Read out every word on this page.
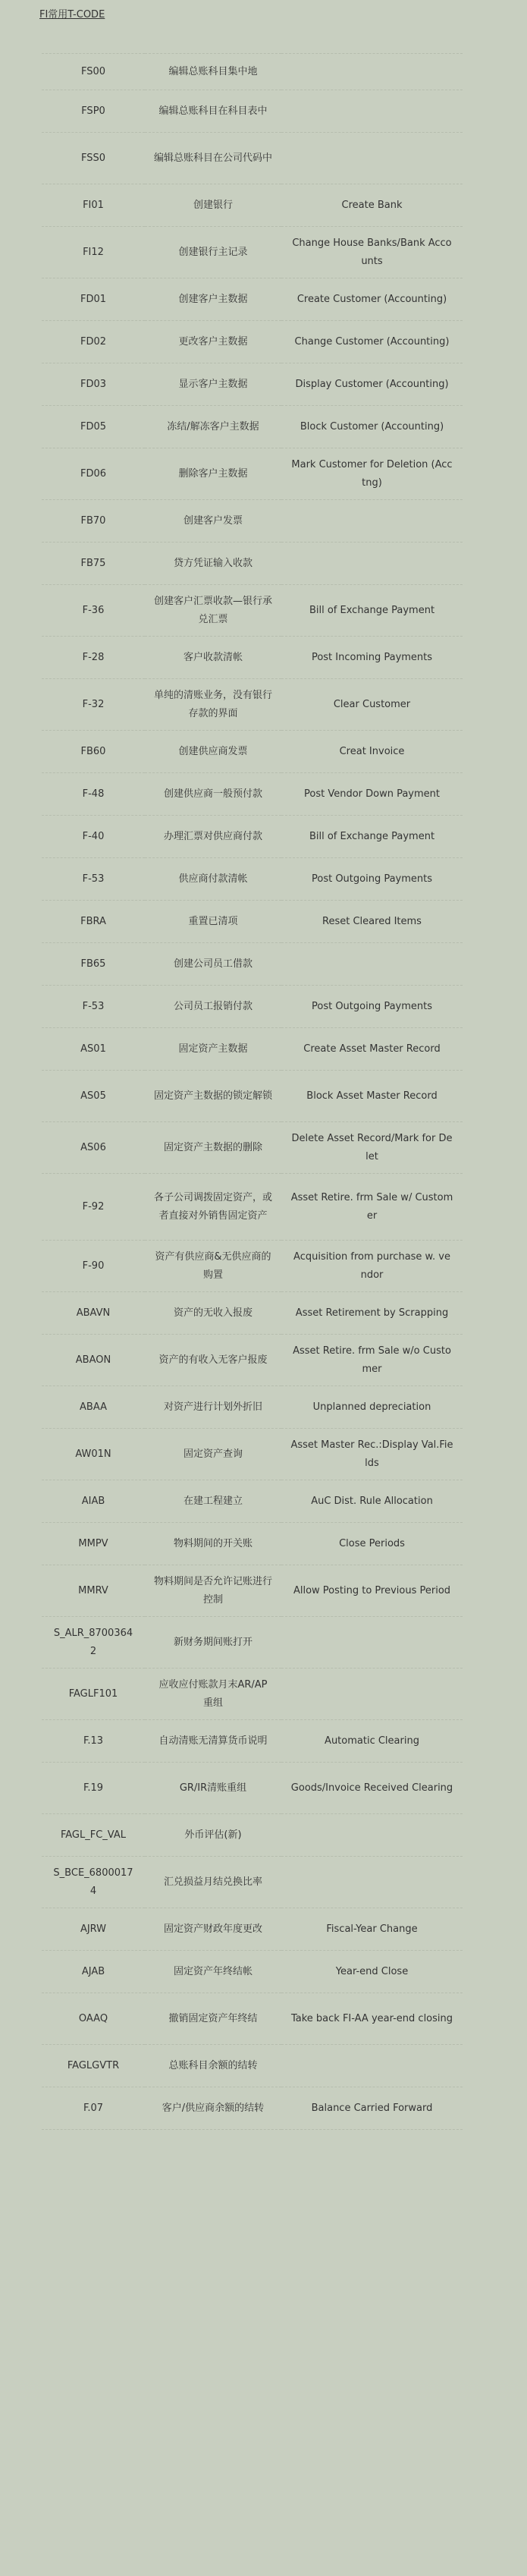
FI常用T-CODE
FS00	编辑总账科目集中地	
FSP0	编辑总账科目在科目表中	
FSS0	编辑总账科目在公司代码中	
FI01	创建银行	Create Bank
FI12	创建银行主记录	Change House Banks/Bank Accounts
FD01	创建客户主数据	Create Customer (Accounting)
FD02	更改客户主数据	Change Customer (Accounting)
FD03	显示客户主数据	Display Customer (Accounting)
FD05	冻结/解冻客户主数据	Block Customer (Accounting)
FD06	删除客户主数据	Mark Customer for Deletion (Acctng)
FB70	创建客户发票	
FB75	贷方凭证输入收款	
F-36	创建客户汇票收款—银行承兑汇票	Bill of Exchange Payment
F-28	客户收款清帐	Post Incoming Payments
F-32	单纯的清账业务，没有银行存款的界面	Clear Customer
FB60	创建供应商发票	Creat Invoice
F-48	创建供应商一般预付款	Post Vendor Down Payment
F-40	办理汇票对供应商付款	Bill of Exchange Payment
F-53	供应商付款清帐	Post Outgoing Payments
FBRA	重置已清项	Reset Cleared Items
FB65	创建公司员工借款	
F-53	公司员工报销付款	Post Outgoing Payments
AS01	固定资产主数据	Create Asset Master Record
AS05	固定资产主数据的锁定解锁	Block Asset Master Record
AS06	固定资产主数据的删除	Delete Asset Record/Mark for Delet
F-92	各子公司调拨固定资产，或者直接对外销售固定资产	Asset Retire. frm Sale w/ Customer
F-90	资产有供应商&无供应商的购置	Acquisition from purchase w. vendor
ABAVN	资产的无收入报废	Asset Retirement by Scrapping
ABAON	资产的有收入无客户报废	Asset Retire. frm Sale w/o Customer
ABAA	对资产进行计划外折旧	Unplanned depreciation
AW01N	固定资产查询	Asset Master Rec.:Display Val.Fields
AIAB	在建工程建立	AuC Dist. Rule Allocation
MMPV	物料期间的开关账	Close Periods
MMRV	物料期间是否允许记账进行控制	Allow Posting to Previous Period
S_ALR_87003642	新财务期间账打开	
FAGLF101	应收应付账款月末AR/AP重组	
F.13	自动清账无清算货币说明	Automatic Clearing
F.19	GR/IR清账重组	Goods/Invoice Received Clearing
FAGL_FC_VAL	外币评估(新)	
S_BCE_68000174	汇兑损益月结兑换比率	
AJRW	固定资产财政年度更改	Fiscal-Year Change
AJAB	固定资产年终结帐	Year-end Close
OAAQ	撤销固定资产年终结	Take back FI-AA year-end closing
FAGLGVTR	总账科目余额的结转	
F.07	客户/供应商余额的结转	Balance Carried Forward
